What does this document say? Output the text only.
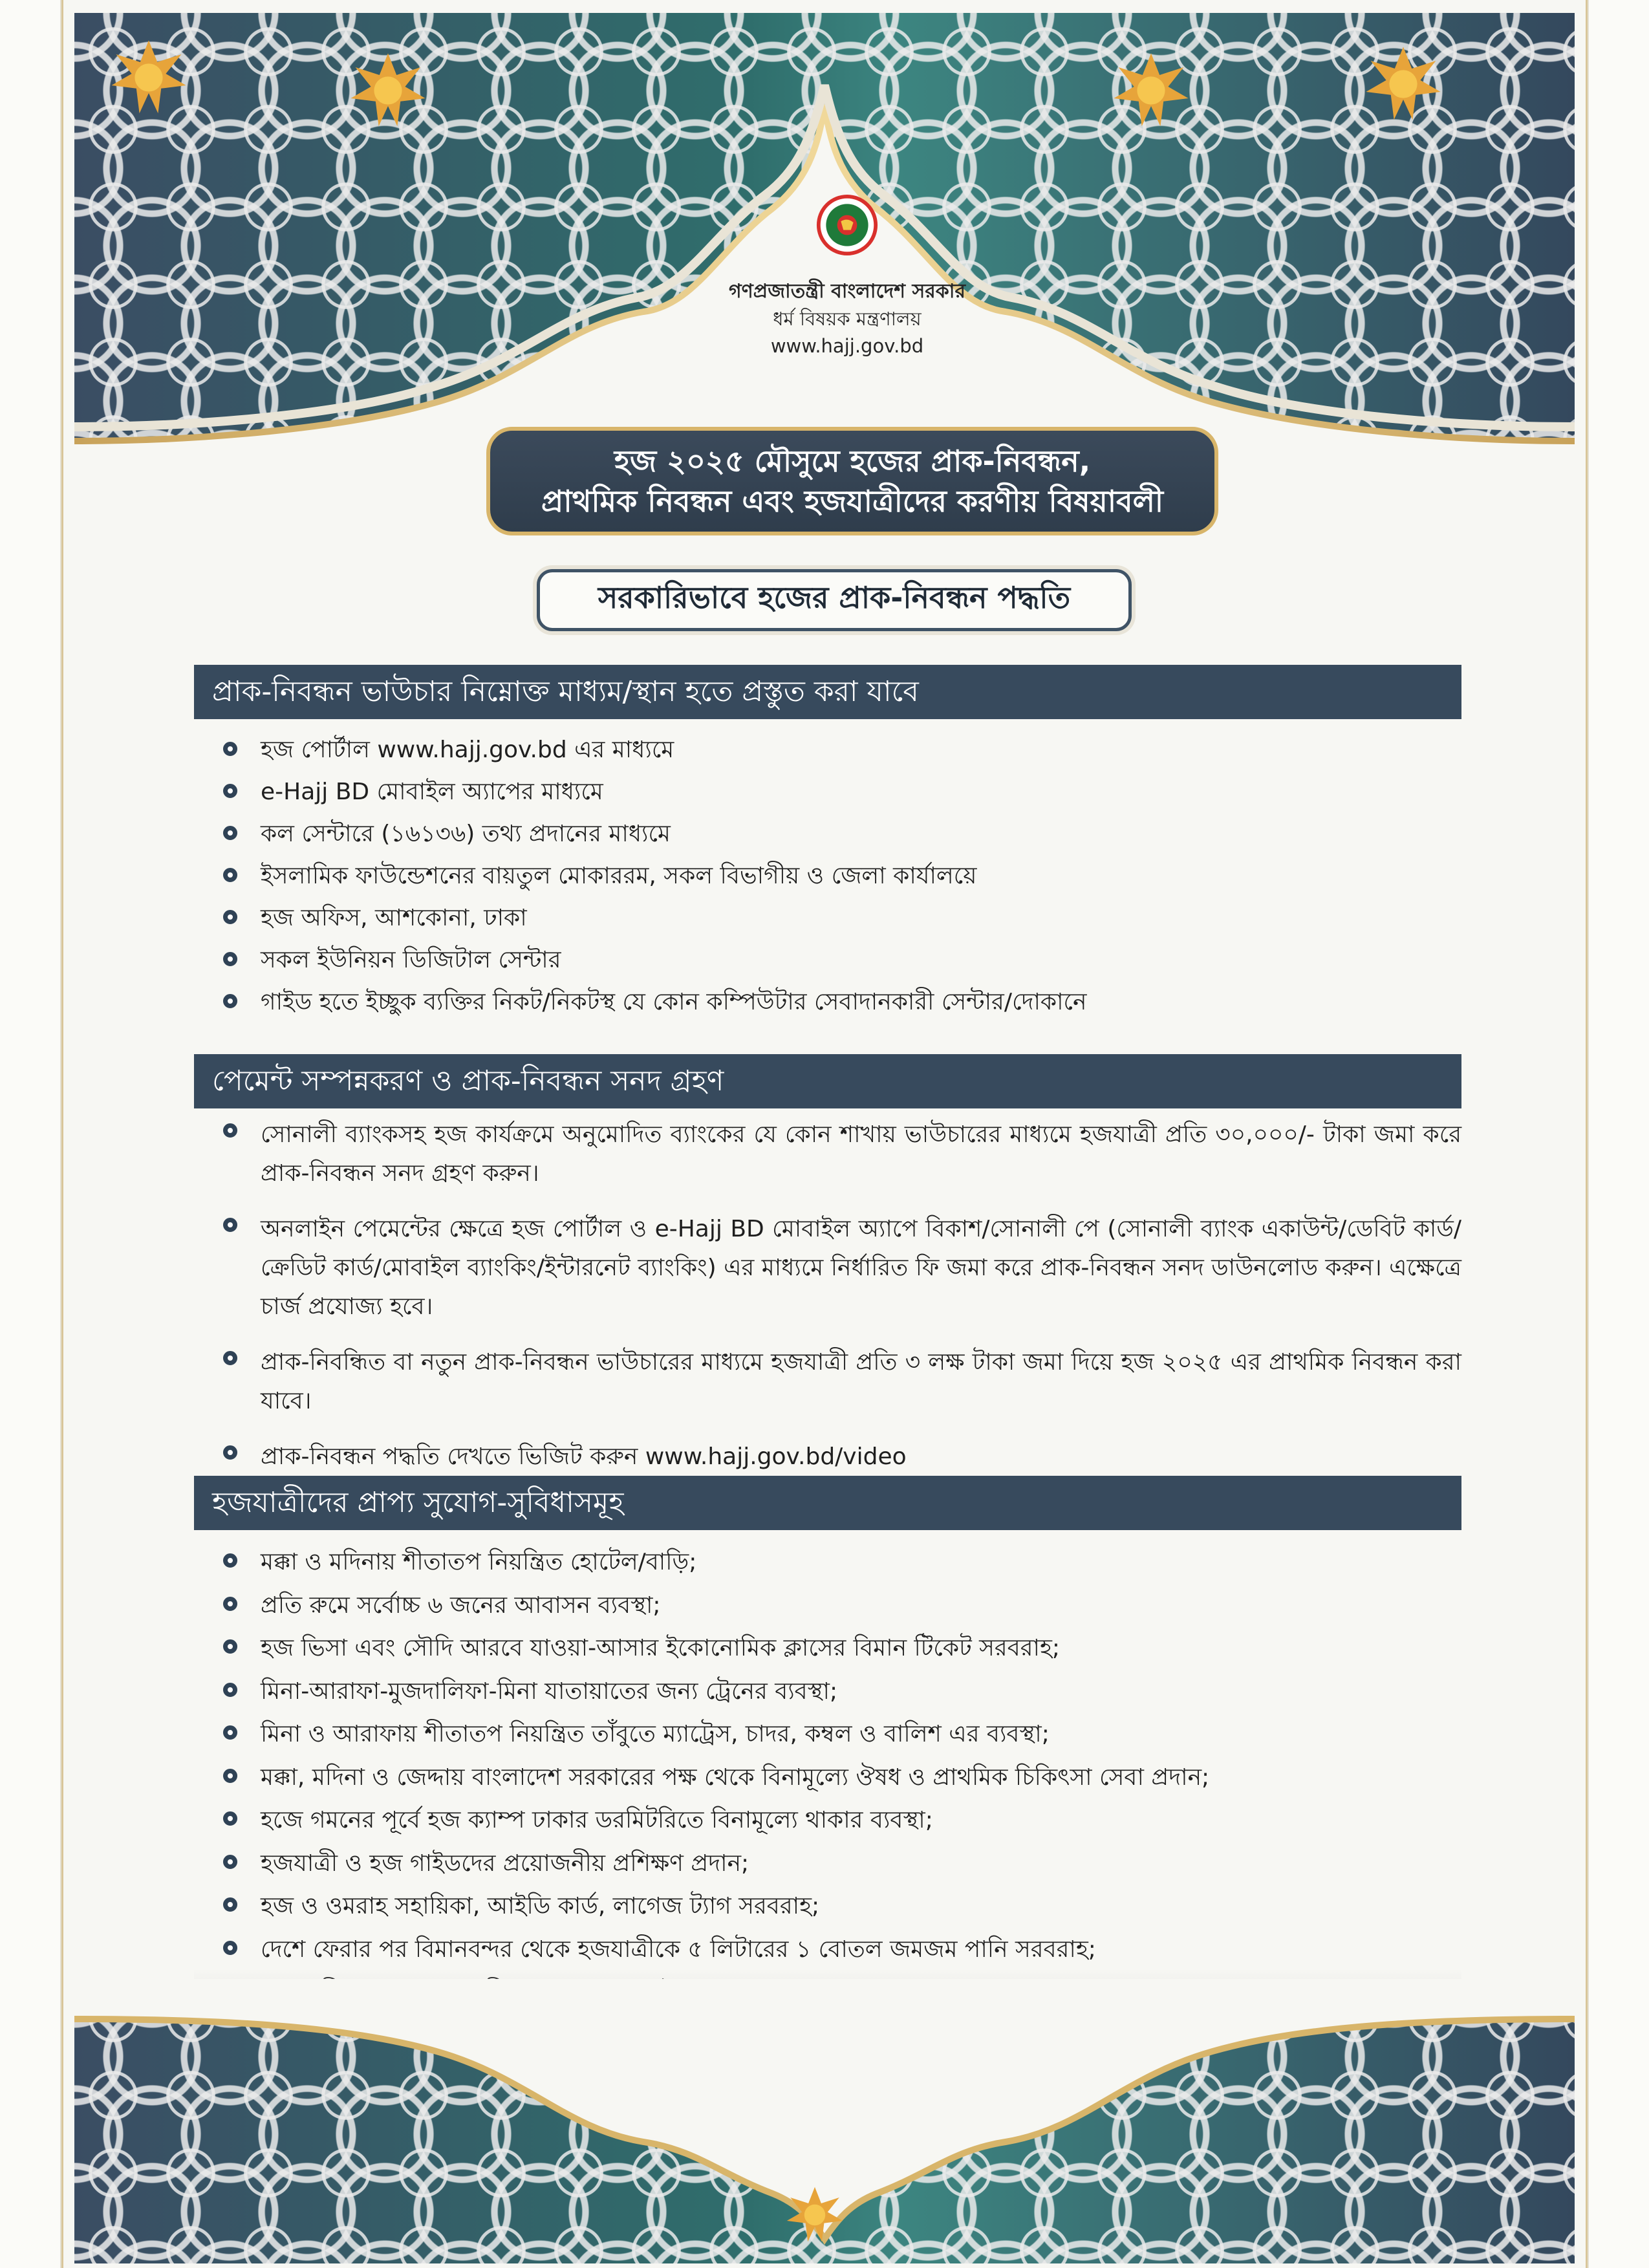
গণপ্রজাতন্ত্রী বাংলাদেশ সরকার
ধর্ম বিষয়ক মন্ত্রণালয়
www.hajj.gov.bd
হজ ২০২৫ মৌসুমে হজের প্রাক-নিবন্ধন,
প্রাথমিক নিবন্ধন এবং হজযাত্রীদের করণীয় বিষয়াবলী
সরকারিভাবে হজের প্রাক-নিবন্ধন পদ্ধতি
প্রাক-নিবন্ধন ভাউচার নিম্নোক্ত মাধ্যম/স্থান হতে প্রস্তুত করা যাবে
হজ পোর্টাল www.hajj.gov.bd এর মাধ্যমে
e-Hajj BD মোবাইল অ্যাপের মাধ্যমে
কল সেন্টারে (১৬১৩৬) তথ্য প্রদানের মাধ্যমে
ইসলামিক ফাউন্ডেশনের বায়তুল মোকাররম, সকল বিভাগীয় ও জেলা কার্যালয়ে
হজ অফিস, আশকোনা, ঢাকা
সকল ইউনিয়ন ডিজিটাল সেন্টার
গাইড হতে ইচ্ছুক ব্যক্তির নিকট/নিকটস্থ যে কোন কম্পিউটার সেবাদানকারী সেন্টার/দোকানে
পেমেন্ট সম্পন্নকরণ ও প্রাক-নিবন্ধন সনদ গ্রহণ
সোনালী ব্যাংকসহ হজ কার্যক্রমে অনুমোদিত ব্যাংকের যে কোন শাখায় ভাউচারের মাধ্যমে হজযাত্রী প্রতি ৩০,০০০/- টাকা জমা করে প্রাক-নিবন্ধন সনদ গ্রহণ করুন।
অনলাইন পেমেন্টের ক্ষেত্রে হজ পোর্টাল ও e-Hajj BD মোবাইল অ্যাপে বিকাশ/সোনালী পে (সোনালী ব্যাংক একাউন্ট/ডেবিট কার্ড/ক্রেডিট কার্ড/মোবাইল ব্যাংকিং/ইন্টারনেট ব্যাংকিং) এর মাধ্যমে নির্ধারিত ফি জমা করে প্রাক-নিবন্ধন সনদ ডাউনলোড করুন। এক্ষেত্রে চার্জ প্রযোজ্য হবে।
প্রাক-নিবন্ধিত বা নতুন প্রাক-নিবন্ধন ভাউচারের মাধ্যমে হজযাত্রী প্রতি ৩ লক্ষ টাকা জমা দিয়ে হজ ২০২৫ এর প্রাথমিক নিবন্ধন করা যাবে।
প্রাক-নিবন্ধন পদ্ধতি দেখতে ভিজিট করুন www.hajj.gov.bd/video
হজযাত্রীদের প্রাপ্য সুযোগ-সুবিধাসমূহ
মক্কা ও মদিনায় শীতাতপ নিয়ন্ত্রিত হোটেল/বাড়ি;
প্রতি রুমে সর্বোচ্চ ৬ জনের আবাসন ব্যবস্থা;
হজ ভিসা এবং সৌদি আরবে যাওয়া-আসার ইকোনোমিক ক্লাসের বিমান টিকেট সরবরাহ;
মিনা-আরাফা-মুজদালিফা-মিনা যাতায়াতের জন্য ট্রেনের ব্যবস্থা;
মিনা ও আরাফায় শীতাতপ নিয়ন্ত্রিত তাঁবুতে ম্যাট্রেস, চাদর, কম্বল ও বালিশ এর ব্যবস্থা;
মক্কা, মদিনা ও জেদ্দায় বাংলাদেশ সরকারের পক্ষ থেকে বিনামূল্যে ঔষধ ও প্রাথমিক চিকিৎসা সেবা প্রদান;
হজে গমনের পূর্বে হজ ক্যাম্প ঢাকার ডরমিটরিতে বিনামূল্যে থাকার ব্যবস্থা;
হজযাত্রী ও হজ গাইডদের প্রয়োজনীয় প্রশিক্ষণ প্রদান;
হজ ও ওমরাহ সহায়িকা, আইডি কার্ড, লাগেজ ট্যাগ সরবরাহ;
দেশে ফেরার পর বিমানবন্দর থেকে হজযাত্রীকে ৫ লিটারের ১ বোতল জমজম পানি সরবরাহ;
